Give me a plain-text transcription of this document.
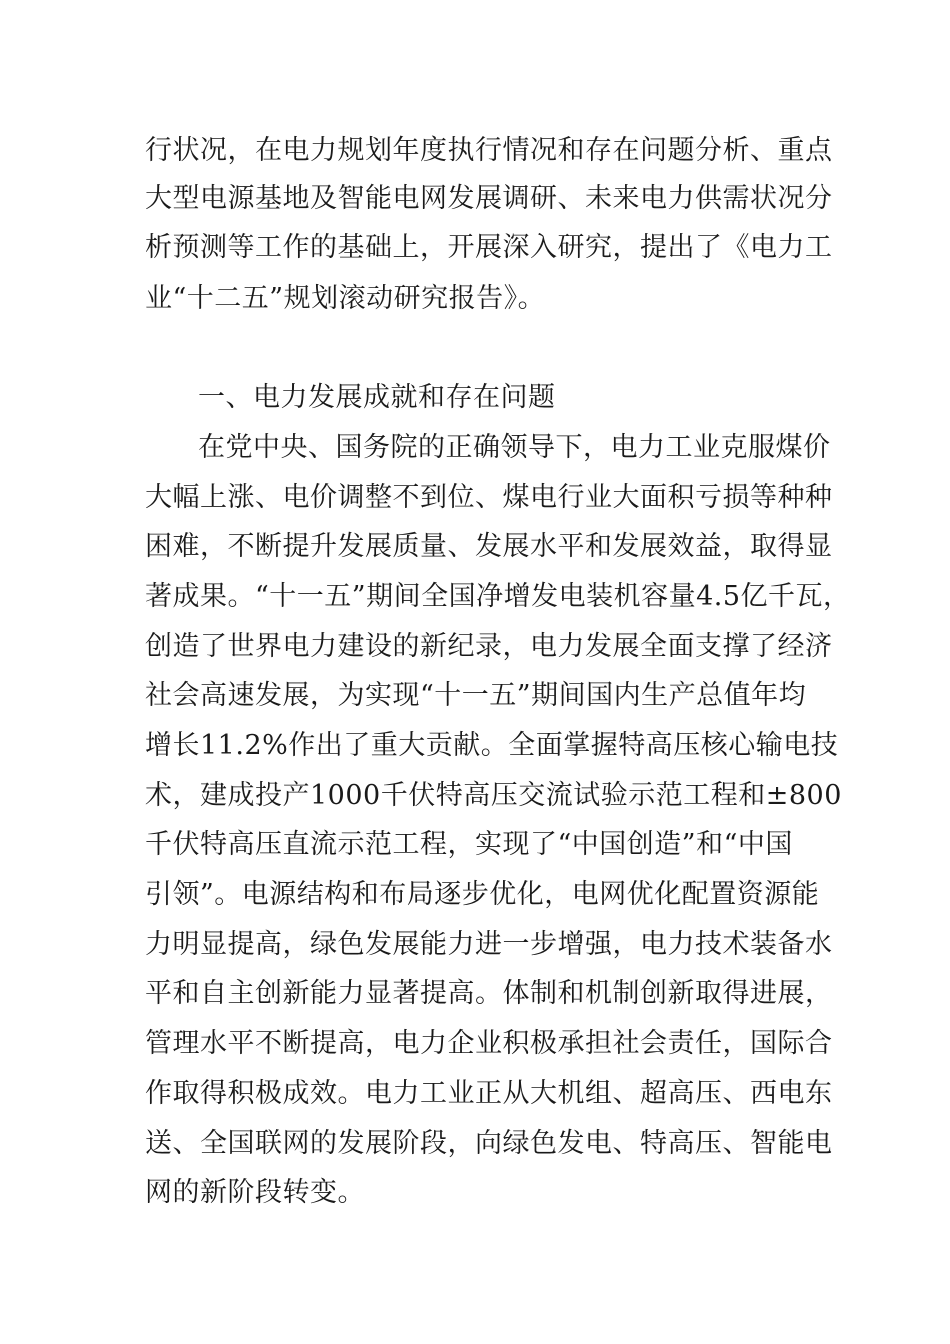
行状况，在电力规划年度执行情况和存在问题分析、重点

大型电源基地及智能电网发展调研、未来电力供需状况分

析预测等工作的基础上，开展深入研究，提出了《电力工

业“十二五”规划滚动研究报告》。

一、电力发展成就和存在问题

在党中央、国务院的正确领导下，电力工业克服煤价

大幅上涨、电价调整不到位、煤电行业大面积亏损等种种

困难，不断提升发展质量、发展水平和发展效益，取得显

著成果。“十一五”期间全国净增发电装机容量4.5亿千瓦，

创造了世界电力建设的新纪录，电力发展全面支撑了经济

社会高速发展，为实现“十一五”期间国内生产总值年均

增长11.2%作出了重大贡献。全面掌握特高压核心输电技

术，建成投产1000千伏特高压交流试验示范工程和±800

千伏特高压直流示范工程，实现了“中国创造”和“中国

引领”。电源结构和布局逐步优化，电网优化配置资源能

力明显提高，绿色发展能力进一步增强，电力技术装备水

平和自主创新能力显著提高。体制和机制创新取得进展，

管理水平不断提高，电力企业积极承担社会责任，国际合

作取得积极成效。电力工业正从大机组、超高压、西电东

送、全国联网的发展阶段，向绿色发电、特高压、智能电

网的新阶段转变。
